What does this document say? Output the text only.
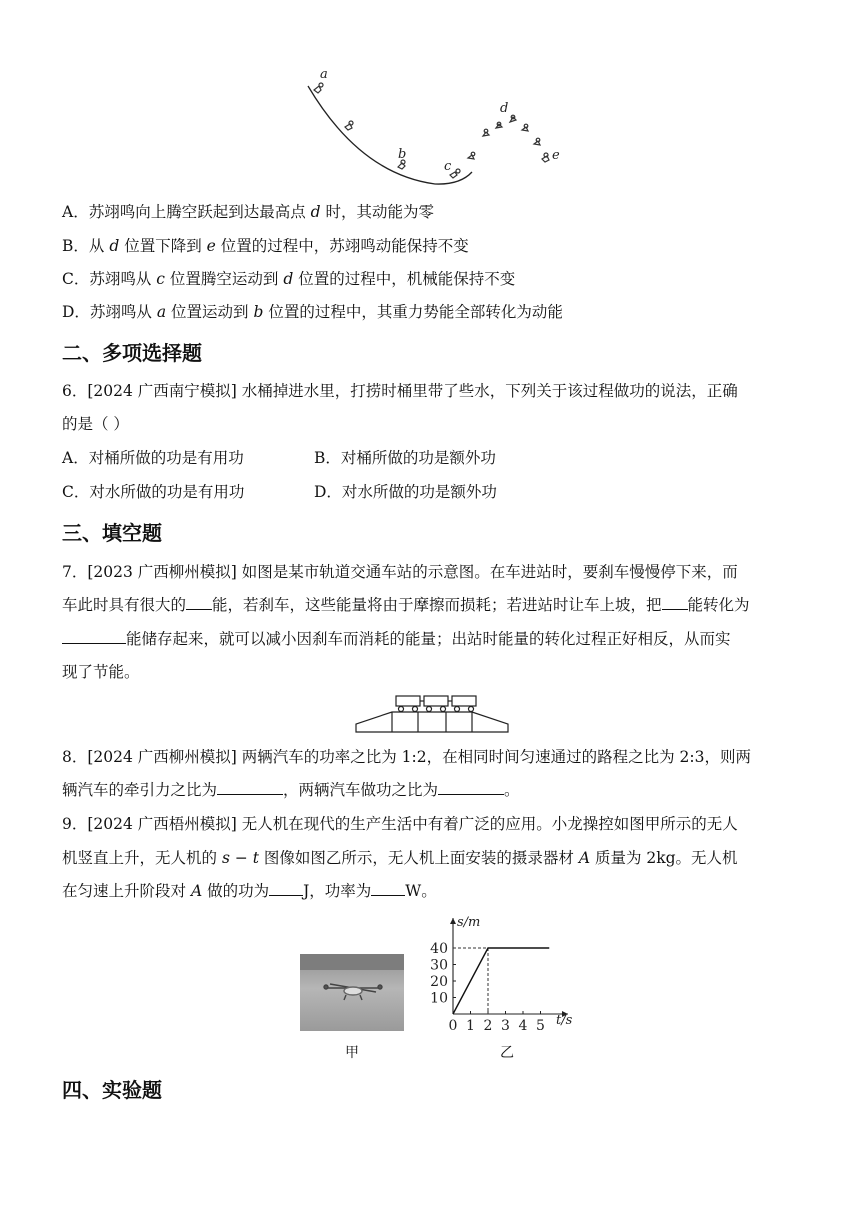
a
b
c
d
e
A．苏翊鸣向上腾空跃起到达最高点 d 时，其动能为零
B．从 d 位置下降到 e 位置的过程中，苏翊鸣动能保持不变
C．苏翊鸣从 c 位置腾空运动到 d 位置的过程中，机械能保持不变
D．苏翊鸣从 a 位置运动到 b 位置的过程中，其重力势能全部转化为动能
二、多项选择题
6．[2024 广西南宁模拟] 水桶掉进水里，打捞时桶里带了些水，下列关于该过程做功的说法，正确
的是（ ）
A．对桶所做的功是有用功	B．对桶所做的功是额外功
C．对水所做的功是有用功	D．对水所做的功是额外功
三、填空题
7．[2023 广西柳州模拟] 如图是某市轨道交通车站的示意图。在车进站时，要刹车慢慢停下来，而
车此时具有很大的 能，若刹车，这些能量将由于摩擦而损耗；若进站时让车上坡，把 能转化为
能储存起来，就可以减小因刹车而消耗的能量；出站时能量的转化过程正好相反，从而实
现了节能。
8．[2024 广西柳州模拟] 两辆汽车的功率之比为 1:2，在相同时间匀速通过的路程之比为 2:3，则两
辆汽车的牵引力之比为	，两辆汽车做功之比为	。
9．[2024 广西梧州模拟] 无人机在现代的生产生活中有着广泛的应用。小龙操控如图甲所示的无人
机竖直上升，无人机的 s − t 图像如图乙所示，无人机上面安装的摄录器材 A 质量为 2kg。无人机
在匀速上升阶段对 A 做的功为 J，功率为 W。
甲
0 1 2 3 4 5
10
20
30
40
t/s
s/m
乙
四、实验题
